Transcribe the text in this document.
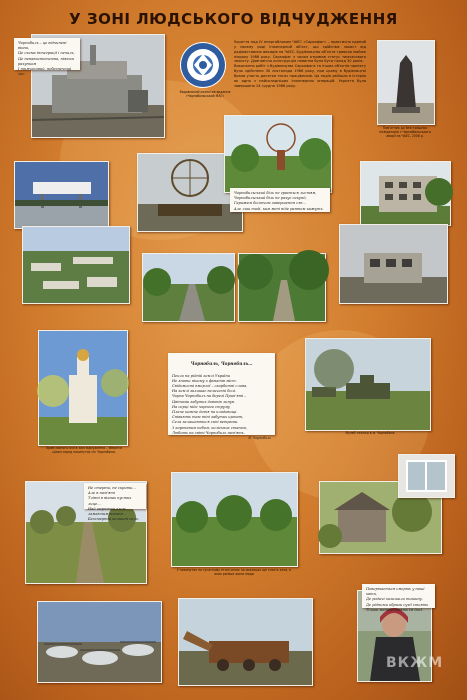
У ЗОНІ ЛЮДСЬКОГО ВІДЧУДЖЕННЯ
Чорнобиль – це відчинені вікна,
Це схема інтеграції і печаль,
Це ненавистьтемна, ніяким рахунком
І тимчасовий, небезпечний час.
Видавничий колектив видання «Чорнобильський МАГ»
Укриття над IV енергоблоком ЧАЕС «Саркофаг» – практично єдиний у своєму роді інженерний об'єкт, що здійснює захист від радіоактивних викидів на ЧАЕС. Будівництво обʼєкта тривало майже півроку 1986 року. Саркофаг з часом отримав статус тимчасового захисту. Довговічна конструкція повинна була бути понад 30 років.
Виконання робіт з будівництва Саркофага та інших об'єктів проекту було здійснено 30 листопада 1986 року, при цьому в будівництві брали участь десятки тисяч працівників. Ця подія увійшла в історію як одна з найскладніших інженерних операцій. Укриття було завершено 14 грудня 1986 року.
Пам'ятник до безстрашних ліквідаторів з Чорнобильського аварії на ЧАЕС, 2006 р.
Чорнобильський біль не грається листям,
Чорнобильський біль не рахує секунд,
Гаражем болючим завершення сяє…
Але лиш тоді, ким мені ніде раптом кажуть.
Храм святого Іллі в зоні відчуження – зберігся
цілим серед покинутих сіл Чорнобиля.

Чорнобиль, Чорнобиль…

Пекло на рідній землі України
Не знати нікому з фанатів міст.
Свідомості вмерлої – скорботні слова,
На землі залишає величезні болі.
Чорна Чорнобиль на березі Прип'яті –
Цвітами забутих дзвонів линув.
На серці ніде чорного струму
Плаче кожне дитя на кладовищі.
Співають там тіні забутих цитат,
Села залишаються сині ветрами.
З кореневим небом, колісьних станом,
Любить на світі Чорнобиль пам'ять.

В. Чорнобиль

Музей техніки в м. Чорнобиль
Не стерти, не скрити… Але в пам'яті
Тлінні в вікнах пустих лице…
Над мертвим злим ламаючим вогнем –
Безсмертні колишні села.
У покинутих на сучасному етапі селах на околицях ще стоять хати, в яких раніше жили люди
Повертається смерть у наші хати,
Де родичі залишили тишину.
Де рідними образи сухії стоять
Тільки матері вірять їм досі.
ВКЖМ
